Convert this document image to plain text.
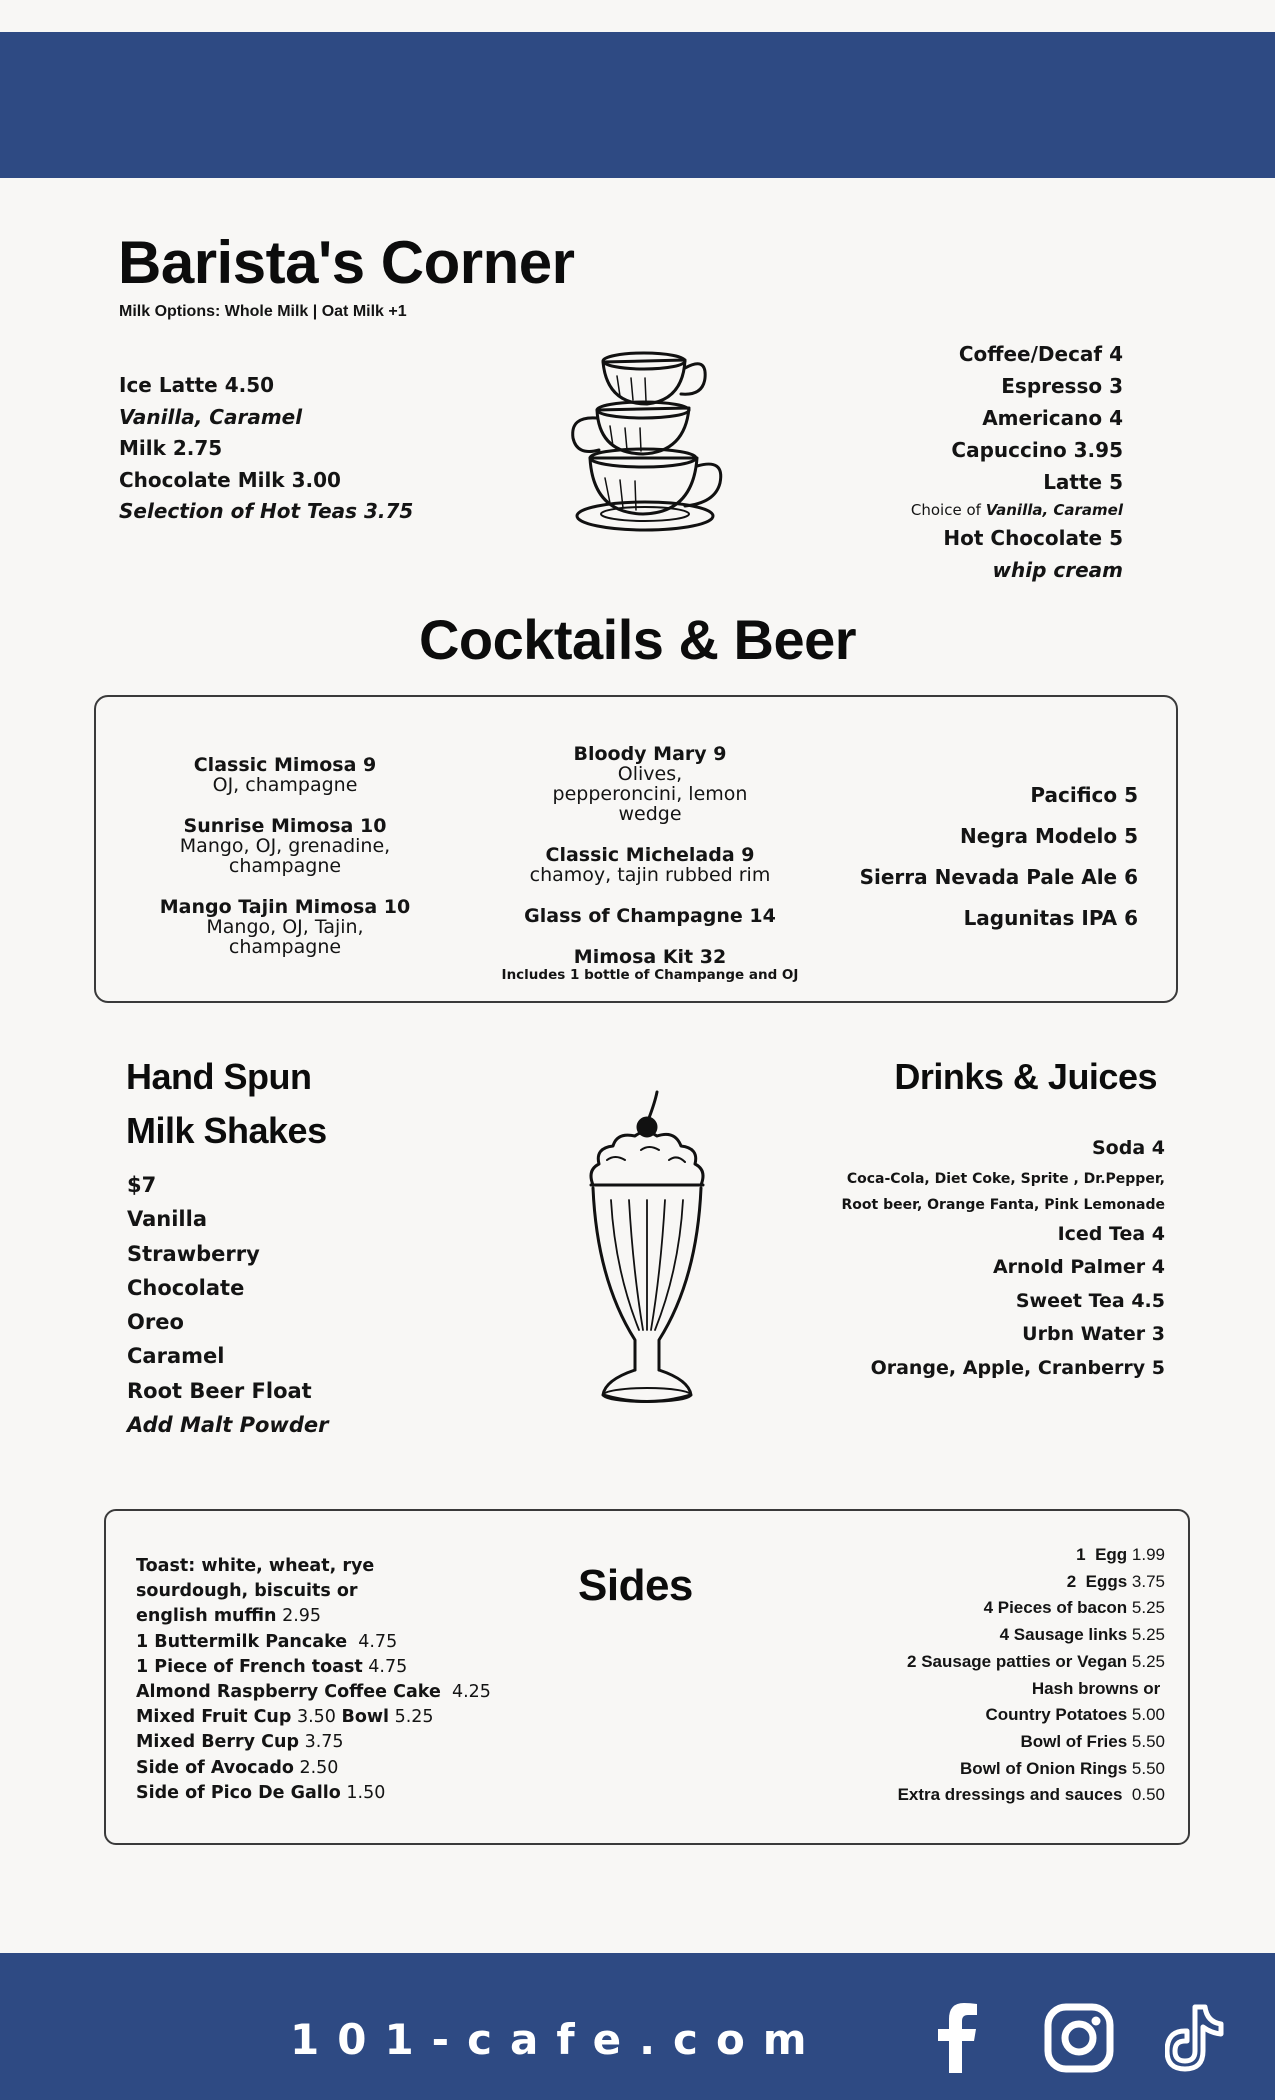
Barista's Corner
Milk Options: Whole Milk | Oat Milk +1
Ice Latte 4.50
Vanilla, Caramel
Milk 2.75
Chocolate Milk 3.00
Selection of Hot Teas 3.75
Coffee/Decaf 4
Espresso 3
Americano 4
Capuccino 3.95
Latte 5
Choice of Vanilla, Caramel
Hot Chocolate 5
whip cream
Cocktails & Beer
Classic Mimosa 9
OJ, champagne
Sunrise Mimosa 10
Mango, OJ, grenadine, champagne
Mango Tajin Mimosa 10
Mango, OJ, Tajin, champagne
Bloody Mary 9
Olives, pepperoncini, lemon wedge
Classic Michelada 9
chamoy, tajin rubbed rim
Glass of Champagne 14
Mimosa Kit 32
Includes 1 bottle of Champange and OJ
Pacifico 5
Negra Modelo 5
Sierra Nevada Pale Ale 6
Lagunitas IPA 6
Hand Spun
Milk Shakes
$7
Vanilla
Strawberry
Chocolate
Oreo
Caramel
Root Beer Float
Add Malt Powder
Drinks & Juices
Soda 4
Coca-Cola, Diet Coke, Sprite , Dr.Pepper,
Root beer, Orange Fanta, Pink Lemonade
Iced Tea 4
Arnold Palmer 4
Sweet Tea 4.5
Urbn Water 3
Orange, Apple, Cranberry 5
Sides
Toast: white, wheat, rye
sourdough, biscuits or
english muffin 2.95
1 Buttermilk Pancake  4.75
1 Piece of French toast 4.75
Almond Raspberry Coffee Cake  4.25
Mixed Fruit Cup 3.50 Bowl 5.25
Mixed Berry Cup 3.75
Side of Avocado 2.50
Side of Pico De Gallo 1.50
1  Egg 1.99
2  Eggs 3.75
4 Pieces of bacon 5.25
4 Sausage links 5.25
2 Sausage patties or Vegan 5.25
Hash browns or
Country Potatoes 5.00
Bowl of Fries 5.50
Bowl of Onion Rings 5.50
Extra dressings and sauces  0.50
101-cafe.com
